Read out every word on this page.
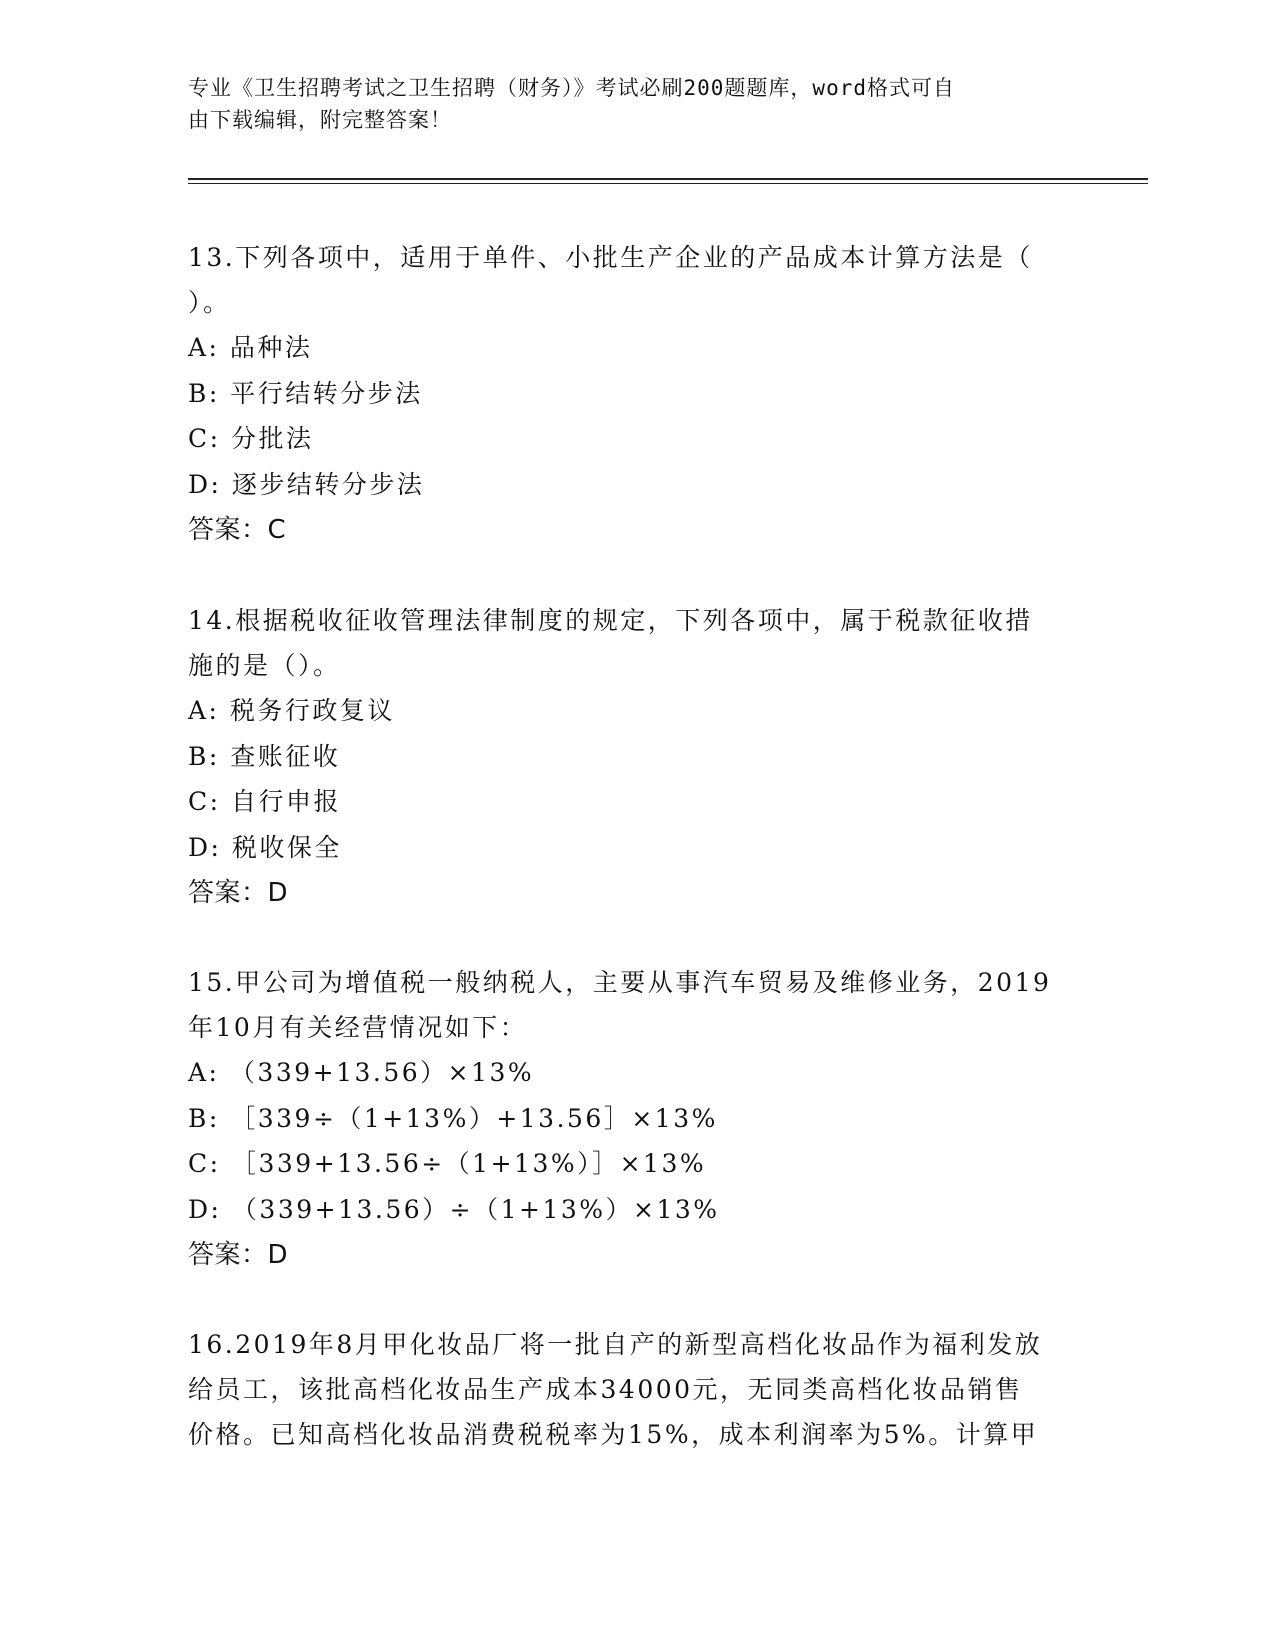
专业《卫生招聘考试之卫生招聘（财务）》考试必刷200题题库，word格式可自
由下载编辑，附完整答案！
13.下列各项中，适用于单件、小批生产企业的产品成本计算方法是（
）。
A: 品种法
B: 平行结转分步法
C: 分批法
D: 逐步结转分步法
答案：C
14.根据税收征收管理法律制度的规定，下列各项中，属于税款征收措
施的是（）。
A: 税务行政复议
B: 查账征收
C: 自行申报
D: 税收保全
答案：D
15.甲公司为增值税一般纳税人，主要从事汽车贸易及维修业务，2019
年10月有关经营情况如下：
A: （339+13.56）×13%
B: ［339÷（1+13%）+13.56］×13%
C: ［339+13.56÷（1+13%）］×13%
D: （339+13.56）÷（1+13%）×13%
答案：D
16.2019年8月甲化妆品厂将一批自产的新型高档化妆品作为福利发放
给员工，该批高档化妆品生产成本34000元，无同类高档化妆品销售
价格。已知高档化妆品消费税税率为15%，成本利润率为5%。计算甲
